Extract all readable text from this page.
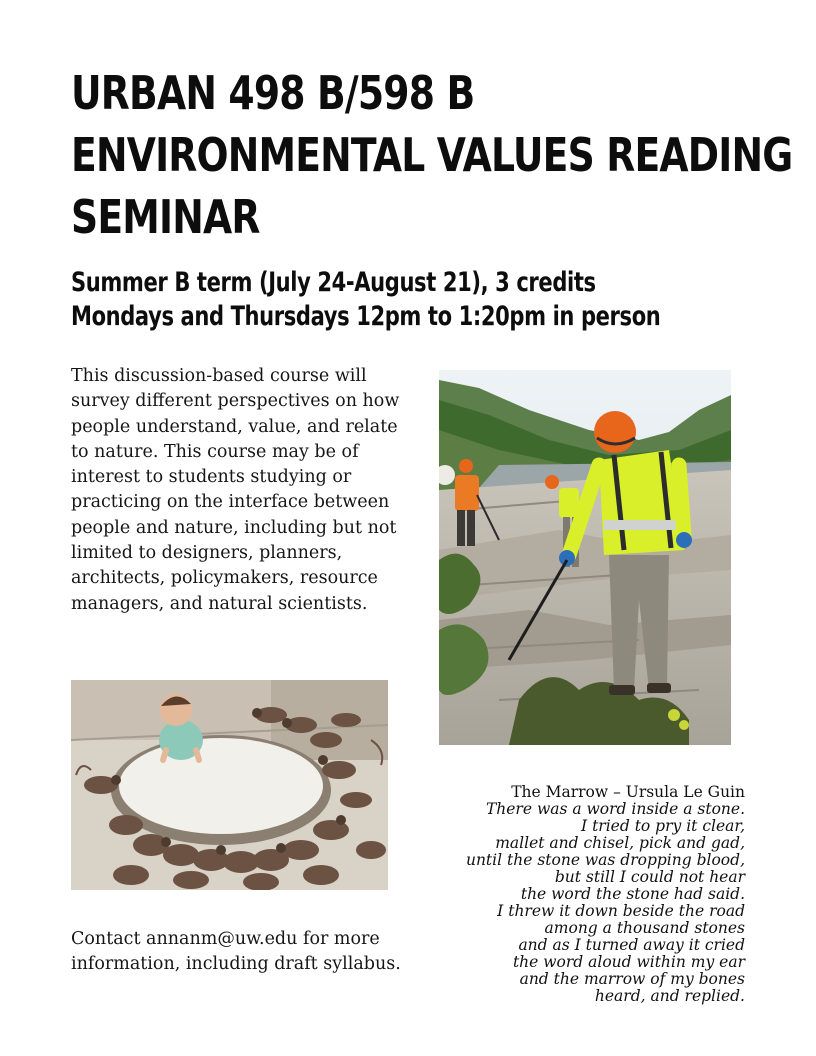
URBAN 498 B/598 B
ENVIRONMENTAL VALUES READING
SEMINAR
Summer B term (July 24-August 21), 3 credits
Mondays and Thursdays 12pm to 1:20pm in person

This discussion-based course will survey different perspectives on how people understand, value, and relate to nature. This course may be of interest to students studying or practicing on the interface between people and nature, including but not limited to designers, planners, architects, policymakers, resource managers, and natural scientists.

Contact annanm@uw.edu for more information, including draft syllabus.

The Marrow – Ursula Le Guin
There was a word inside a stone.
I tried to pry it clear,
mallet and chisel, pick and gad,
until the stone was dropping blood,
but still I could not hear
the word the stone had said.
I threw it down beside the road
among a thousand stones
and as I turned away it cried
the word aloud within my ear
and the marrow of my bones
heard, and replied.
